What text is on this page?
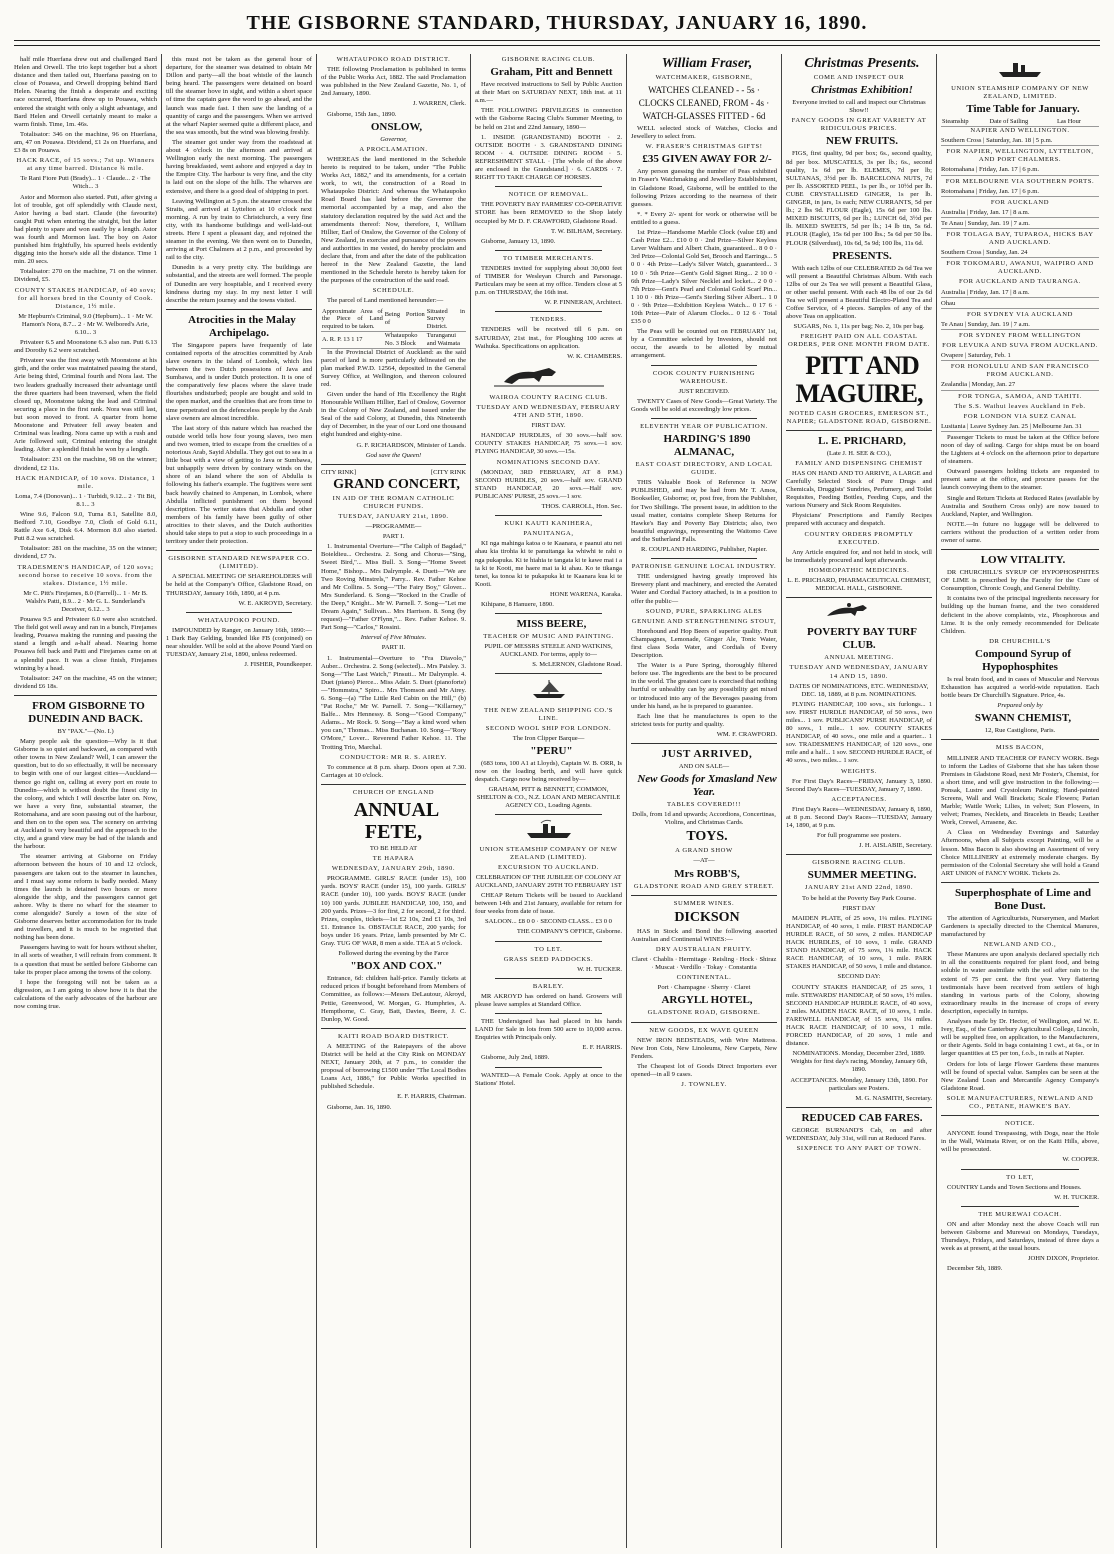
THE GISBORNE STANDARD, THURSDAY, JANUARY 16, 1890.

half mile Huerfana drew out and challenged Bard Helen and Orwell. The trio kept together but a short distance and then tailed out, Huerfana passing on to close of Pouawa, and Orwell dropping behind Bard Helen. Nearing the finish a desperate and exciting race occurred, Huerfana drew up to Pouawa, which entered the straight with only a slight advantage, and Bard Helen and Orwell certainly meant to make a warm finish. Time, 1m. 46s.

Totalisator: 346 on the machine, 96 on Huerfana, am, 47 on Pouawa. Dividend, £1 2s on Huerfana, and £3 8s on Pouawa.

HACK RACE, of 15 sovs.; 7st up. Winners at any time barred. Distance ¾ mile.

Te Rani Fiore Puti (Brady)... 1 · Claude... 2 · The Witch... 3

Astor and Mormon also started. Puti, after giving a lot of trouble, got off splendidly with Claude next, Astor having a bad start. Claude (the favourite) caught Puti when entering the straight, but the latter had plenty to spare and won easily by a length. Astor was fourth and Mormon last. The boy on Astor punished him frightfully, his spurred heels evidently digging into the horse's side all the distance. Time 1 min. 20 secs.

Totalisator: 270 on the machine, 71 on the winner. Dividend, £5.

COUNTY STAKES HANDICAP, of 40 sovs; for all horses bred in the County of Cook. Distance, 1½ mile.

Mr Hepburn's Criminal, 9.0 (Hepburn)... 1 · Mr W. Hamon's Nora, 8.7... 2 · Mr W. Welbored's Arie, 6.10... 3

Privateer 6.5 and Moonstone 6.3 also ran. Puti 6.13 and Dorothy 6.2 were scratched.

Privateer was the first away with Moonstone at his girth, and the order was maintained passing the stand, Arie being third, Criminal fourth and Nora last. The two leaders gradually increased their advantage until the three quarters had been traversed, when the field closed up, Moonstone taking the lead and Criminal securing a place in the first rank. Nora was still last, but soon moved to front. A quarter from home Moonstone and Privateer fell away beaten and Criminal was leading. Nora came up with a rush and Arie followed suit, Criminal entering the straight leading. After a splendid finish he won by a length.

Totalisator: 231 on the machine, 98 on the winner; dividend, £2 11s.

HACK HANDICAP, of 10 sovs. Distance, 1 mile.

Loma, 7.4 (Donovan)... 1 · Turbidi, 9.12... 2 · Tit Bit, 8.1... 3

Wine 9.6, Falcon 9.0, Turna 8.1, Satellite 8.0, Bedford 7.10, Goodbye 7.0, Cloth of Gold 6.11, Rattle Axe 6.4, Disk 6.4. Mormon 8.0 also started. Puti 8.2 was scratched.

Totalisator: 281 on the machine, 35 on the winner; dividend, £7 7s.

TRADESMEN'S HANDICAP, of 120 sovs; second horse to receive 10 sovs. from the stakes. Distance, 1½ mile.

Mr C. Pitt's Firejames, 8.0 (Farrell)... 1 · Mr B. Walsh's Patti, 8.9... 2 · Mr G. L. Sunderland's Deceiver, 6.12... 3

Pouawa 9.5 and Privateer 6.0 were also scratched. The field got well away and ran in a bunch, Firejames leading, Pouawa making the running and passing the stand a length and a-half ahead. Nearing home Pouawa fell back and Patti and Firejames came on at a splendid pace. It was a close finish, Firejames winning by a head.

Totalisator: 247 on the machine, 45 on the winner; dividend £6 18s.

FROM GISBORNE TO DUNEDIN AND BACK.

BY "PAX."—(No. I.)

Many people ask the question—Why is it that Gisborne is so quiet and backward, as compared with other towns in New Zealand? Well, I can answer the question, but to do so effectually, it will be necessary to begin with one of our largest cities—Auckland—thence go right on, calling at every port en route to Dunedin—which is without doubt the finest city in the colony, and which I will describe later on. Now, we have a very fine, substantial steamer, the Rotomahana, and are soon passing out of the harbour, and then on to the open sea. The scenery on arriving at Auckland is very beautiful and the approach to the city, and a grand view may be had of the islands and the harbour.

The steamer arriving at Gisborne on Friday afternoon between the hours of 10 and 12 o'clock, passengers are taken out to the steamer in launches, and I must say some reform is badly needed. Many times the launch is detained two hours or more alongside the ship, and the passengers cannot get ashore. Why is there no wharf for the steamer to come alongside? Surely a town of the size of Gisborne deserves better accommodation for its trade and travellers, and it is much to be regretted that nothing has been done.

Passengers having to wait for hours without shelter, in all sorts of weather, I will refrain from comment. It is a question that must be settled before Gisborne can take its proper place among the towns of the colony.

I hope the foregoing will not be taken as a digression, as I am going to show how it is that the calculations of the early advocates of the harbour are now coming true.

this must not be taken as the general hour of departure, for the steamer was detained to obtain Mr Dillon and party—all the boat whistle of the launch being heard. The passengers were detained on board till the steamer hove in sight, and within a short space of time the captain gave the word to go ahead, and the launch was made fast. I then saw the landing of a quantity of cargo and the passengers. When we arrived at the wharf Napier seemed quite a different place, and the sea was smooth, but the wind was blowing freshly.

The steamer got under way from the roadstead at about 4 o'clock in the afternoon and arrived at Wellington early the next morning. The passengers having breakfasted, went ashore and enjoyed a day in the Empire City. The harbour is very fine, and the city is laid out on the slope of the hills. The wharves are extensive, and there is a good deal of shipping in port.

Leaving Wellington at 5 p.m. the steamer crossed the Straits, and arrived at Lyttelton at 10 o'clock next morning. A run by train to Christchurch, a very fine city, with its handsome buildings and well-laid-out streets. Here I spent a pleasant day, and rejoined the steamer in the evening. We then went on to Dunedin, arriving at Port Chalmers at 2 p.m., and proceeded by rail to the city.

Dunedin is a very pretty city. The buildings are substantial, and the streets are well formed. The people of Dunedin are very hospitable, and I received every kindness during my stay. In my next letter I will describe the return journey and the towns visited.

Atrocities in the Malay Archipelago.

The Singapore papers have frequently of late contained reports of the atrocities committed by Arab slave owners in the island of Lombok, which lies between the two Dutch possessions of Java and Sumbawa, and is under Dutch protection. It is one of the comparatively few places where the slave trade flourishes undisturbed; people are bought and sold in the open market, and the cruelties that are from time to time perpetrated on the defenceless people by the Arab slave owners are almost incredible.

The last story of this nature which has reached the outside world tells how four young slaves, two men and two women, tried to escape from the cruelties of a notorious Arab, Sayid Abdulla. They got out to sea in a little boat with a view of getting to Java or Sumbawa, but unhappily were driven by contrary winds on the shore of an island where the son of Abdulla is following his father's example. The fugitives were sent back heavily chained to Ampenan, in Lombok, where Abdulla inflicted punishment on them beyond description. The writer states that Abdulla and other members of his family have been guilty of other atrocities to their slaves, and the Dutch authorities should take steps to put a stop to such proceedings in a territory under their protection.

GISBORNE STANDARD NEWSPAPER CO. (LIMITED).

A SPECIAL MEETING OF SHAREHOLDERS will be held at the Company's Office, Gladstone Road, on THURSDAY, January 16th, 1890, at 4 p.m.

W. E. AKROYD, Secretary.

WHATAUPOKO POUND.

IMPOUNDED by Ranger, on January 16th, 1890:— 1 Dark Bay Gelding, branded like FB (conjoined) on near shoulder. Will be sold at the above Pound Yard on TUESDAY, January 21st, 1890, unless redeemed.

J. FISHER, Poundkeeper.

WHATAUPOKO ROAD DISTRICT.

THE following Proclamation is published in terms of the Public Works Act, 1882. The said Proclamation was published in the New Zealand Gazette, No. 1, of 2nd January, 1890.

J. WARREN, Clerk.

Gisborne, 15th Jan., 1890.

ONSLOW,

Governor,

A PROCLAMATION.

WHEREAS the land mentioned in the Schedule hereto is required to be taken, under "The Public Works Act, 1882," and its amendments, for a certain work, to wit, the construction of a Road in Whataupoko District: And whereas the Whataupoko Road Board has laid before the Governor the memorial accompanied by a map, and also the statutory declaration required by the said Act and the amendments thereof: Now, therefore, I, William Hillier, Earl of Onslow, the Governor of the Colony of New Zealand, in exercise and pursuance of the powers and authorities in me vested, do hereby proclaim and declare that, from and after the date of the publication hereof in the New Zealand Gazette, the land mentioned in the Schedule hereto is hereby taken for the purposes of the construction of the said road.

SCHEDULE.

The parcel of Land mentioned hereunder:—

Approximate Area of the Piece of Land required to be taken.	Being Portion of	Situated in Survey District.
A. R. P. 13 1 17	Whataupoko No. 3 Block	Turanganui and Waimata

In the Provincial District of Auckland: as the said parcel of land is more particularly delineated on the plan marked P.W.D. 12564, deposited in the General Survey Office, at Wellington, and thereon coloured red.

Given under the hand of His Excellency the Right Honourable William Hillier, Earl of Onslow, Governor in the Colony of New Zealand, and issued under the Seal of the said Colony, at Dunedin, this Nineteenth day of December, in the year of our Lord one thousand eight hundred and eighty-nine.

G. F. RICHARDSON, Minister of Lands.

God save the Queen!

CITY RINK]	[CITY RINK

GRAND CONCERT,

IN AID OF THE ROMAN CATHOLIC CHURCH FUNDS.

TUESDAY, JANUARY 21st, 1890.

—PROGRAMME—

PART I.

1. Instrumental Overture—"The Caliph of Bagdad," Boieldieu... Orchestra. 2. Song and Chorus—"Sing, Sweet Bird,"... Miss Bull. 3. Song—"Home Sweet Home," Bishop... Mrs Dalrymple. 4. Duett—"We are Two Roving Minstrels," Parry... Rev. Father Kehoe and Mr Collins. 5. Song—"The Fairy Boy," Glover... Mrs Sunderland. 6. Song—"Rocked in the Cradle of the Deep," Knight... Mr W. Parnell. 7. Song—"Let me Dream Again," Sullivan... Mrs Harrison. 8. Song (by request)—"Father O'Flynn,"... Rev. Father Kehoe. 9. Part Song—"Carlos," Rossini.

Interval of Five Minutes.

PART II.

1. Instrumental—Overture to "Fra Diavolo," Auber... Orchestra. 2. Song (selected)... Mrs Paisley. 3. Song—"The Last Watch," Pinsuti... Mr Dalrymple. 4. Duet (piano) Pierce... Miss Adair. 5. Duet (pianoforte)—"Hommstra," Spiro... Mrs Thomson and Mr Airey. 6. Song—(a) "The Little Red Cabin on the Hill," (b) "Pat Roche," Mr W. Parnell. 7. Song—"Killarney," Balfe... Mrs Hennessy. 8. Song—"Good Company," Adams... Mr Rock. 9. Song—"Bay a kind word when you can," Thomas... Miss Buchanan. 10. Song—"Rory O'More," Lover... Reverend Father Kehoe. 11. The Trotting Trio, Marchal.

CONDUCTOR: MR R. S. AIREY.

To commence at 8 p.m. sharp. Doors open at 7.30. Carriages at 10 o'clock.

CHURCH OF ENGLAND

ANNUAL FETE,

TO BE HELD AT

TE HAPARA

WEDNESDAY, JANUARY 29th, 1890.

PROGRAMME. GIRLS' RACE (under 15), 100 yards. BOYS' RACE (under 15), 100 yards. GIRLS' RACE (under 10), 100 yards. BOYS' RACE (under 10) 100 yards. JUBILEE HANDICAP, 100, 150, and 200 yards. Prizes—3 for first, 2 for second, 2 for third. Prizes, couples, tickets—1st £2 10s, 2nd £1 10s, 3rd £1. Entrance 1s. OBSTACLE RACE, 200 yards; for boys under 16 years. Prize, lamb presented by Mr C. Gray. TUG OF WAR, 8 men a side. TEA at 5 o'clock.

Followed during the evening by the Farce

"BOX AND COX."

Entrance, 6d: children half-price. Family tickets at reduced prices if bought beforehand from Members of Committee, as follows:—Messrs DeLautour, Akroyd, Pettie, Greenwood, W. Morgan, G. Humphries, A. Hempthorne, C. Gray, Batt, Davies, Beere, J. C. Dunlop, W. Good.

KAITI ROAD BOARD DISTRICT.

A MEETING of the Ratepayers of the above District will be held at the City Rink on MONDAY NEXT, January 20th, at 7 p.m., to consider the proposal of borrowing £1500 under "The Local Bodies Loans Act, 1886," for Public Works specified in published Schedule.

E. F. HARRIS, Chairman.

Gisborne, Jan. 16, 1890.

GISBORNE RACING CLUB.

Graham, Pitt and Bennett

Have received instructions to Sell by Public Auction at their Mart on SATURDAY NEXT, 18th inst. at 11 a.m.—

THE FOLLOWING PRIVILEGES in connection with the Gisborne Racing Club's Summer Meeting, to be held on 21st and 22nd January, 1890—

1. INSIDE (GRANDSTAND) BOOTH · 2. OUTSIDE BOOTH · 3. GRANDSTAND DINING ROOM · 4. OUTSIDE DINING ROOM · 5. REFRESHMENT STALL · [The whole of the above are enclosed in the Grandstand.] · 6. CARDS · 7. RIGHT TO TAKE CHARGE OF HORSES.

NOTICE OF REMOVAL.

THE POVERTY BAY FARMERS' CO-OPERATIVE STORE has been REMOVED to the Shop lately occupied by Mr D. F. CRAWFORD, Gladstone Road.

T. W. BILHAM, Secretary.

Gisborne, January 13, 1890.

TO TIMBER MERCHANTS.

TENDERS invited for supplying about 30,000 feet of TIMBER for Wesleyan Church and Parsonage. Particulars may be seen at my office. Tenders close at 5 p.m. on THURSDAY, the 16th inst.

W. P. FINNERAN, Architect.

TENDERS.

TENDERS will be received till 6 p.m. on SATURDAY, 21st inst., for Ploughing 100 acres at Waihuka. Specifications on application.

W. K. CHAMBERS.

WAIROA COUNTY RACING CLUB.

TUESDAY AND WEDNESDAY, FEBRUARY 4TH AND 5TH, 1890.

FIRST DAY.

HANDICAP HURDLES, of 30 sovs.—half sov. COUNTY STAKES HANDICAP, 75 sovs.—1 sov. FLYING HANDICAP, 30 sovs.—15s.

NOMINATIONS SECOND DAY.

(MONDAY, 3RD FEBRUARY, AT 8 P.M.) SECOND HURDLES, 20 sovs.—half sov. GRAND STAND HANDICAP, 20 sovs.—Half sov. PUBLICANS' PURSE, 25 sovs.—1 sov.

THOS. CARROLL, Hon. Sec.

KUKI KAUTI KANIHERA,

PANUITANGA,

KI nga mahinga katoa o te Kaanara, e paanui atu nei ahau kia tirohia ki te panuitanga ka whiwhi te rahi o nga pukapuka. Ki te hiahia te tangata ki te kawe mai i a ia ki te Kooti, me haere mai ia ki ahau. Ko te tikanga tenei, ka tonoa ki te pukapuka ki te Kaanara kua ki te Kooti.

HONE WARENA, Karaka.

Kihipane, 8 Hanuere, 1890.

MISS BEERE,

TEACHER OF MUSIC AND PAINTING.

PUPIL OF MESSRS STEELE AND WATKINS, AUCKLAND. For terms, apply to—

S. McLERNON, Gladstone Road.

THE NEW ZEALAND SHIPPING CO.'S LINE.

SECOND WOOL SHIP FOR LONDON.

The Iron Clipper Barque—

"PERU"

(683 tons, 100 A1 at Lloyds), Captain W. B. ORR, Is now on the loading berth, and will have quick despatch. Cargo now being received by—

GRAHAM, PITT & BENNETT, COMMON, SHELTON & CO., N.Z. LOAN AND MERCANTILE AGENCY CO., Loading Agents.

UNION STEAMSHIP COMPANY OF NEW ZEALAND (LIMITED).

EXCURSION TO AUCKLAND.

CELEBRATION OF THE JUBILEE OF COLONY AT AUCKLAND, JANUARY 29TH TO FEBRUARY 1ST

CHEAP Return Tickets will be issued to Auckland between 14th and 21st January, available for return for four weeks from date of issue.

SALOON... £8 0 0 · SECOND CLASS... £3 0 0

THE COMPANY'S OFFICE, Gisborne.

TO LET.

GRASS SEED PADDOCKS.

W. H. TUCKER.

BARLEY.

MR AKROYD has ordered on hand. Growers will please leave samples at Standard Office.

THE Undersigned has had placed in his hands LAND for Sale in lots from 500 acre to 10,000 acres. Enquiries with Principals only.

E. F. HARRIS.

Gisborne, July 2nd, 1889.

WANTED—A Female Cook. Apply at once to the Stations' Hotel.

William Fraser,

WATCHMAKER, GISBORNE,

WATCHES CLEANED - - 5s · CLOCKS CLEANED, FROM - 4s · WATCH-GLASSES FITTED - 6d

WELL selected stock of Watches, Clocks and Jewellery to select from.

W. FRASER'S CHRISTMAS GIFTS!

£35 GIVEN AWAY FOR 2/-

Any person guessing the number of Peas exhibited in Fraser's Watchmaking and Jewellery Establishment, in Gladstone Road, Gisborne, will be entitled to the following Prizes according to the nearness of their guesses.

*. * Every 2/- spent for work or otherwise will be entitled to a guess.

1st Prize—Handsome Marble Clock (value £8) and Cash Prize £2... £10 0 0 · 2nd Prize—Silver Keyless Lever Waltham and Albert Chain, guaranteed... 8 0 0 · 3rd Prize—Colonial Gold Set, Brooch and Earrings... 5 0 0 · 4th Prize—Lady's Silver Watch, guaranteed... 3 10 0 · 5th Prize—Gent's Gold Signet Ring... 2 10 0 · 6th Prize—Lady's Silver Necklet and locket... 2 0 0 · 7th Prize—Gent's Pearl and Colonial Gold Scarf Pin... 1 10 0 · 8th Prize—Gent's Sterling Silver Albert... 1 0 0 · 9th Prize—Exhibition Keyless Watch... 0 17 6 · 10th Prize—Pair of Alarum Clocks... 0 12 6 · Total £35 0 0

The Peas will be counted out on FEBRUARY 1st, by a Committee selected by Investors, should not occur, the awards to be allotted by mutual arrangement.

COOK COUNTY FURNISHING WAREHOUSE.

JUST RECEIVED.

TWENTY Cases of New Goods—Great Variety. The Goods will be sold at exceedingly low prices.

ELEVENTH YEAR OF PUBLICATION.

HARDING'S 1890 ALMANAC,

EAST COAST DIRECTORY, AND LOCAL GUIDE.

THIS Valuable Book of Reference is NOW PUBLISHED, and may be had from Mr T. Amos, Bookseller, Gisborne; or, post free, from the Publisher, for Two Shillings. The present issue, in addition to the usual matter, contains complete Sheep Returns for Hawke's Bay and Poverty Bay Districts; also, two beautiful engravings, representing the Waitomo Cave and the Sutherland Falls.

R. COUPLAND HARDING, Publisher, Napier.

PATRONISE GENUINE LOCAL INDUSTRY.

THE undersigned having greatly improved his Brewery plant and machinery, and erected the Aerated Water and Cordial Factory attached, is in a position to offer the public—

SOUND, PURE, SPARKLING ALES

GENUINE AND STRENGTHENING STOUT,

Horehound and Hop Beers of superior quality. Fruit Champagnes, Lemonade, Ginger Ale, Tonic Water, first class Soda Water, and Cordials of Every Description.

The Water is a Pure Spring, thoroughly filtered before use. The ingredients are the best to be procured in the world. The greatest care is exercised that nothing hurtful or unhealthy can by any possibility get mixed or introduced into any of the Beverages passing from under his hand, as he is prepared to guarantee.

Each line that he manufactures is open to the strictest tests for purity and quality.

WM. F. CRAWFORD.

JUST ARRIVED,

AND ON SALE—

New Goods for Xmasland New Year.

TABLES COVERED!!!

Dolls, from 1d and upwards; Accordions, Concertinas, Violins, and Christmas Cards.

TOYS.

A GRAND SHOW

—AT—

Mrs ROBB'S,

GLADSTONE ROAD AND GREY STREET.

SUMMER WINES.

DICKSON

HAS in Stock and Bond the following assorted Australian and Continental WINES:—

DRY AUSTRALIAN FRUITY.

Claret · Chablis · Hermitage · Reisling · Hock · Shiraz · Muscat · Verdillo · Tokay · Constantia

CONTINENTAL.

Port · Champagne · Sherry · Claret

ARGYLL HOTEL,

GLADSTONE ROAD, GISBORNE.

NEW GOODS, EX WAVE QUEEN

NEW IRON BEDSTEADS, with Wire Mattress. New Iron Cots, New Linoleums, New Carpets, New Fenders.

The Cheapest lot of Goods Direct Importers ever opened—in all 9 cases.

J. TOWNLEY.

Christmas Presents.

COME AND INSPECT OUR

Christmas Exhibition!

Everyone invited to call and inspect our Christmas Show!!

FANCY GOODS IN GREAT VARIETY AT RIDICULOUS PRICES.

NEW FRUITS.

FIGS, first quality, 9d per box; 6s., second quality, 8d per box. MUSCATELS, 3s per lb.; 6s., second quality, 1s 6d per lb. ELEMES, 7d per lb; SULTANAS, 3½d per lb. BARCELONA NUTS, 7d per lb. ASSORTED PEEL, 1s per lb., or 10½d per lb. CUBE CRYSTALLISED GINGER, 1s per lb. GINGER, in jars, 1s each; NEW CURRANTS, 5d per lb.; 2 lbs 9d. FLOUR (Eagle), 15s 6d per 100 lbs. MIXED BISCUITS, 6d per lb.; LUNCH 6d, 3½d per lb. MIXED SWEETS, 5d per lb.; 14 lb tin, 5s 6d. FLOUR (Eagle), 15s 6d per 100 lbs.; 5s 6d per 50 lbs. FLOUR (Silverdust), 10s 6d, 5s 9d; 100 lbs, 11s 6d.

PRESENTS.

With each 12lbs of our CELEBRATED 2s 6d Tea we will present a Beautiful Christmas Album. With each 12lbs of our 2s Tea we will present a Beautiful Glass, or other useful present. With each 48 lbs of our 2s 6d Tea we will present a Beautiful Electro-Plated Tea and Coffee Service, of 4 pieces. Samples of any of the above Teas on application.

SUGARS, No. 1, 11s per bag; No. 2, 10s per bag.

FREIGHT PAID ON ALL COASTAL ORDERS, PER ONE MONTH FROM DATE.

PITT AND MAGUIRE,

NOTED CASH GROCERS, EMERSON ST., NAPIER; GLADSTONE ROAD, GISBORNE.

L. E. PRICHARD,

(Late J. H. SEE & CO.),

FAMILY AND DISPENSING CHEMIST

HAS ON HAND AND TO ARRIVE, A LARGE and Carefully Selected Stock of Pure Drugs and Chemicals, Druggists' Sundries, Perfumery, and Toilet Requisites, Feeding Bottles, Feeding Cups, and the various Nursery and Sick Room Requisites.

Physicians' Prescriptions and Family Recipes prepared with accuracy and despatch.

COUNTRY ORDERS PROMPTLY EXECUTED.

Any Article enquired for, and not held in stock, will be immediately procured and kept afterwards.

HOMŒOPATHIC MEDICINES.

L. E. PRICHARD, PHARMACEUTICAL CHEMIST, MEDICAL HALL, GISBORNE.

POVERTY BAY TURF CLUB.

ANNUAL MEETING.

TUESDAY AND WEDNESDAY, JANUARY 14 AND 15, 1890.

DATES OF NOMINATIONS, ETC. WEDNESDAY, DEC. 18, 1889, at 8 p.m. NOMINATIONS.

FLYING HANDICAP, 100 sovs., six furlongs... 1 sov. FIRST HURDLE HANDICAP, of 50 sovs., two miles... 1 sov. PUBLICANS' PURSE HANDICAP, of 80 sovs., 1 mile... 1 sov. COUNTY STAKES HANDICAP, of 40 sovs., one mile and a quarter... 1 sov. TRADESMEN'S HANDICAP, of 120 sovs., one mile and a half... 1 sov. SECOND HURDLE RACE, of 40 sovs., two miles... 1 sov.

WEIGHTS.

For First Day's Races—FRIDAY, January 3, 1890. Second Day's Races—TUESDAY, January 7, 1890.

ACCEPTANCES.

First Day's Races—WEDNESDAY, January 8, 1890, at 8 p.m. Second Day's Races—TUESDAY, January 14, 1890, at 9 p.m.

For full programme see posters.

J. H. AISLABIE, Secretary.

GISBORNE RACING CLUB.

SUMMER MEETING.

JANUARY 21st AND 22nd, 1890.

To be held at the Poverty Bay Park Course.

FIRST DAY

MAIDEN PLATE, of 25 sovs, 1¼ miles. FLYING HANDICAP, of 40 sovs, 1 mile. FIRST HANDICAP HURDLE RACE, of 50 sovs, 2 miles. HANDICAP HACK HURDLES, of 10 sovs, 1 mile. GRAND STAND HANDICAP, of 75 sovs, 1¼ mile. HACK RACE HANDICAP, of 10 sovs, 1 mile. PARK STAKES HANDICAP, of 50 sovs, 1 mile and distance.

SECOND DAY:

COUNTY STAKES HANDICAP, of 25 sovs, 1 mile. STEWARDS' HANDICAP, of 50 sovs, 1½ miles. SECOND HANDICAP HURDLE RACE, of 40 sovs, 2 miles. MAIDEN HACK RACE, of 10 sovs, 1 mile. FAREWELL HANDICAP, of 15 sovs, 1¼ miles. HACK RACE HANDICAP, of 10 sovs, 1 mile. FORCED HANDICAP, of 20 sovs, 1 mile and distance.

NOMINATIONS. Monday, December 23rd, 1889. Weights for first day's racing, Monday, January 6th, 1890.

ACCEPTANCES. Monday, January 13th, 1890. For particulars see Posters.

M. G. NASMITH, Secretary.

REDUCED CAB FARES.

GEORGE BURNAND'S Cab, on and after WEDNESDAY, July 31st, will run at Reduced Fares.

SIXPENCE TO ANY PART OF TOWN.

UNION STEAMSHIP COMPANY OF NEW ZEALAND, LIMITED.

Time Table for January.

Steamship	Date of Sailing	Las Hour

NAPIER AND WELLINGTON.

Southern Cross | Saturday, Jan. 18 | 5 p.m.

FOR NAPIER, WELLINGTON, LYTTELTON, AND PORT CHALMERS.

Rotomahana | Friday, Jan. 17 | 6 p.m.

FOR MELBOURNE VIA SOUTHERN PORTS.

Rotomahana | Friday, Jan. 17 | 6 p.m.

FOR AUCKLAND

Australia | Friday, Jan. 17 | 8 a.m.

Te Anau | Sunday, Jan. 19 | 7 a.m.

FOR TOLAGA BAY, TUPAROA, HICKS BAY AND AUCKLAND.

Southern Cross | Sunday, Jan. 24

FOR TOKOMARU, AWANUI, WAIPIRO AND AUCKLAND.

FOR AUCKLAND AND TAURANGA.

Australia | Friday, Jan. 17 | 8 a.m.

Ohau

FOR SYDNEY VIA AUCKLAND

Te Anau | Sunday, Jan. 19 | 7 a.m.

FOR SYDNEY FROM WELLINGTON

FOR LEVUKA AND SUVA FROM AUCKLAND.

Ovapere | Saturday, Feb. 1

FOR HONOLULU AND SAN FRANCISCO FROM AUCKLAND.

Zealandia | Monday, Jan. 27

FOR TONGA, SAMOA, AND TAHITI.

The S.S. Waihui leaves Auckland in Feb.

FOR LONDON VIA SUEZ CANAL

Lusitania | Leave Sydney Jan. 25 | Melbourne Jan. 31

Passenger Tickets to must be taken at the Office before noon of day of sailing. Cargo for ships must be on board the Lighters at 4 o'clock on the afternoon prior to departure of steamers.

Outward passengers holding tickets are requested to present same at the office, and procure passes for the launch conveying them to the steamer.

Single and Return Tickets at Reduced Rates (available by Australia and Southern Cross only) are now issued to Auckland, Napier, and Wellington.

NOTE.—In future no luggage will be delivered to carriers without the production of a written order from owner of same.

LOW VITALITY.

DR CHURCHILL'S SYRUP OF HYPOPHOSPHITES OF LIME is prescribed by the Faculty for the Cure of Consumption, Chronic Cough, and General Debility.

It contains two of the principal ingredients necessary for building up the human frame, and the two considered deficient in the above complaints, viz., Phosphorous and Lime. It is the only remedy recommended for Delicate Children.

DR CHURCHILL'S

Compound Syrup of Hypophosphites

Is real brain food, and in cases of Muscular and Nervous Exhaustion has acquired a world-wide reputation. Each bottle bears Dr Churchill's Signature. Price, 4s.

Prepared only by

SWANN CHEMIST,

12, Rue Castiglione, Paris.

MISS BACON,

MILLINER AND TEACHER OF FANCY WORK. Begs to inform the Ladies of Gisborne that she has taken those Premises in Gladstone Road, next Mr Foster's, Chemist, for a short time, and will give instruction in the following:— Ponsak, Lustre and Crystoleum Painting; Hand-painted Screens, Wall and Wall Brackets; Scale Flowers; Parian Marble; Wattle Work; Lilies, in velvet; Sun Flowers, in velvet; Frames, Necklets, and Bracelets in Beads; Leather Work, Crewel, Arrasene, &c.

A Class on Wednesday Evenings and Saturday Afternoons, when all Subjects except Painting, will be a lesson. Miss Bacon is also showing an Assortment of very Choice MILLINERY at extremely moderate charges. By permission of the Colonial Secretary she will hold a Grand ART UNION of FANCY WORK. Tickets 2s.

Superphosphate of Lime and Bone Dust.

The attention of Agriculturists, Nurserymen, and Market Gardeners is specially directed to the Chemical Manures, manufactured by

NEWLAND AND CO.,

These Manures are upon analysis declared specially rich in all the constituents required for plant food, and being soluble in water assimilate with the soil after rain to the extent of 75 per cent. the first year. Very flattering testimonials have been received from settlers of high standing in various parts of the Colony, showing extraordinary results in the increase of crops of every description, especially in turnips.

Analyses made by Dr. Hector, of Wellington, and W. E. Ivey, Esq., of the Canterbury Agricultural College, Lincoln, will be supplied free, on application, to the Manufacturers, or their Agents. Sold in bags containing 1 cwt., at 6s., or in larger quantities at £5 per ton, f.o.b., in rails at Napier.

Orders for lots of large Flower Gardens these manures will be found of special value. Samples can be seen at the New Zealand Loan and Mercantile Agency Company's Gladstone Road.

SOLE MANUFACTURERS, NEWLAND AND CO., PETANE, HAWKE'S BAY.

NOTICE.

ANYONE found Trespassing, with Dogs, near the Hole in the Wall, Waimata River, or on the Kaiti Hills, above, will be prosecuted.

W. COOPER.

TO LET,

COUNTRY Lands and Town Sections and Houses.

W. H. TUCKER.

THE MUREWAI COACH.

ON and after Monday next the above Coach will run between Gisborne and Murewai on Mondays, Tuesdays, Thursdays, Fridays, and Saturdays, instead of three days a week as at present, at the usual hours.

JOHN DIXON, Proprietor.

December 5th, 1889.
